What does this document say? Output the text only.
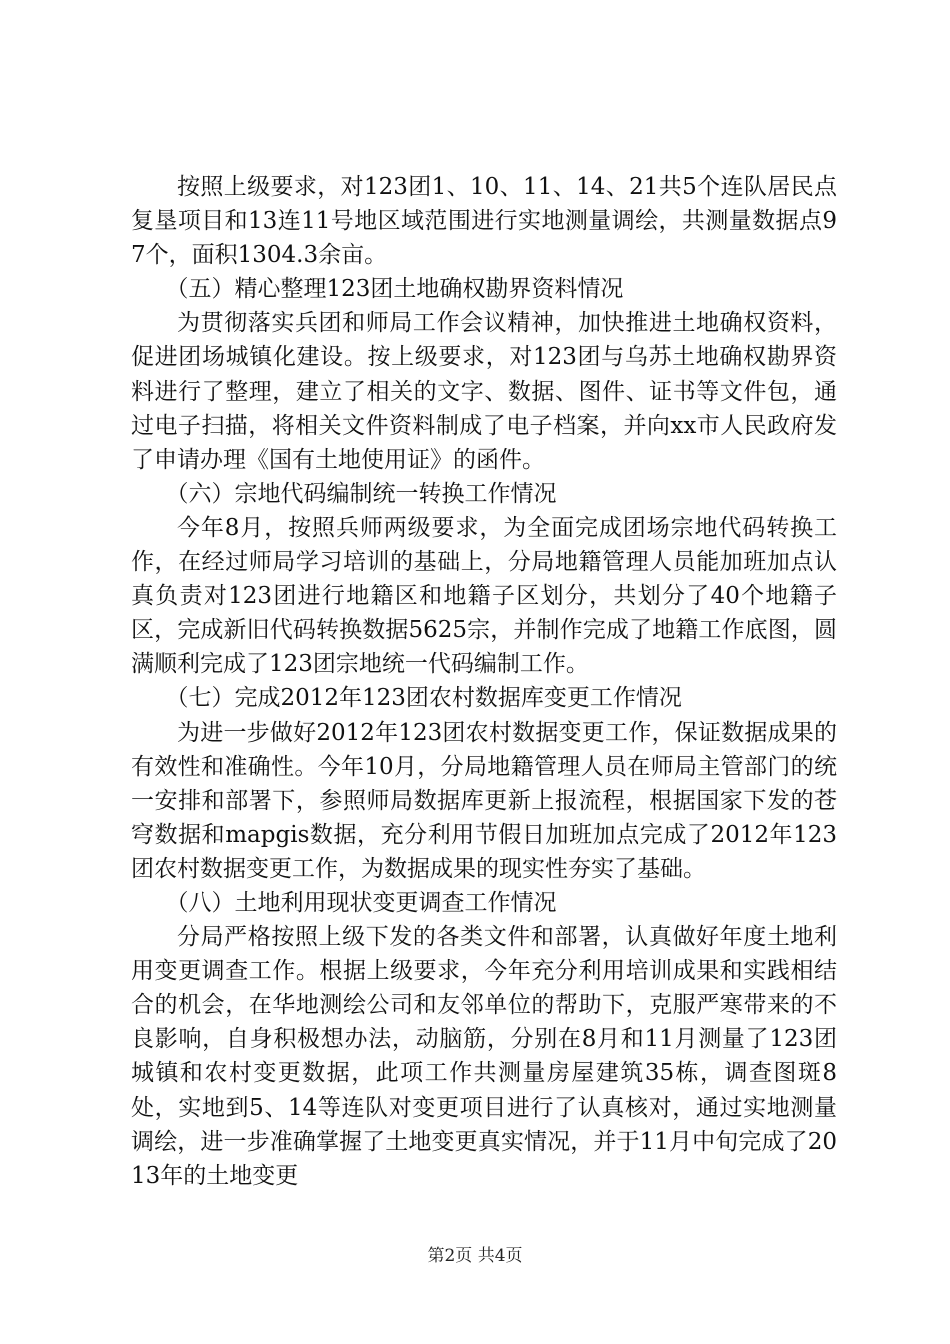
按照上级要求，对123团1、10、11、14、21共5个连队居民点复垦项目和13连11号地区域范围进行实地测量调绘，共测量数据点97个，面积1304.3余亩。

（五）精心整理123团土地确权勘界资料情况

为贯彻落实兵团和师局工作会议精神，加快推进土地确权资料，促进团场城镇化建设。按上级要求，对123团与乌苏土地确权勘界资料进行了整理，建立了相关的文字、数据、图件、证书等文件包，通过电子扫描，将相关文件资料制成了电子档案，并向xx市人民政府发了申请办理《国有土地使用证》的函件。

（六）宗地代码编制统一转换工作情况

今年8月，按照兵师两级要求，为全面完成团场宗地代码转换工作，在经过师局学习培训的基础上，分局地籍管理人员能加班加点认真负责对123团进行地籍区和地籍子区划分，共划分了40个地籍子区，完成新旧代码转换数据5625宗，并制作完成了地籍工作底图，圆满顺利完成了123团宗地统一代码编制工作。

（七）完成2012年123团农村数据库变更工作情况

为进一步做好2012年123团农村数据变更工作，保证数据成果的有效性和准确性。今年10月，分局地籍管理人员在师局主管部门的统一安排和部署下，参照师局数据库更新上报流程，根据国家下发的苍穹数据和mapgis数据，充分利用节假日加班加点完成了2012年123团农村数据变更工作，为数据成果的现实性夯实了基础。

（八）土地利用现状变更调查工作情况

分局严格按照上级下发的各类文件和部署，认真做好年度土地利用变更调查工作。根据上级要求，今年充分利用培训成果和实践相结合的机会，在华地测绘公司和友邻单位的帮助下，克服严寒带来的不良影响，自身积极想办法，动脑筋，分别在8月和11月测量了123团城镇和农村变更数据，此项工作共测量房屋建筑35栋，调查图斑8处，实地到5、14等连队对变更项目进行了认真核对，通过实地测量调绘，进一步准确掌握了土地变更真实情况，并于11月中旬完成了2013年的土地变更

第2页 共4页
